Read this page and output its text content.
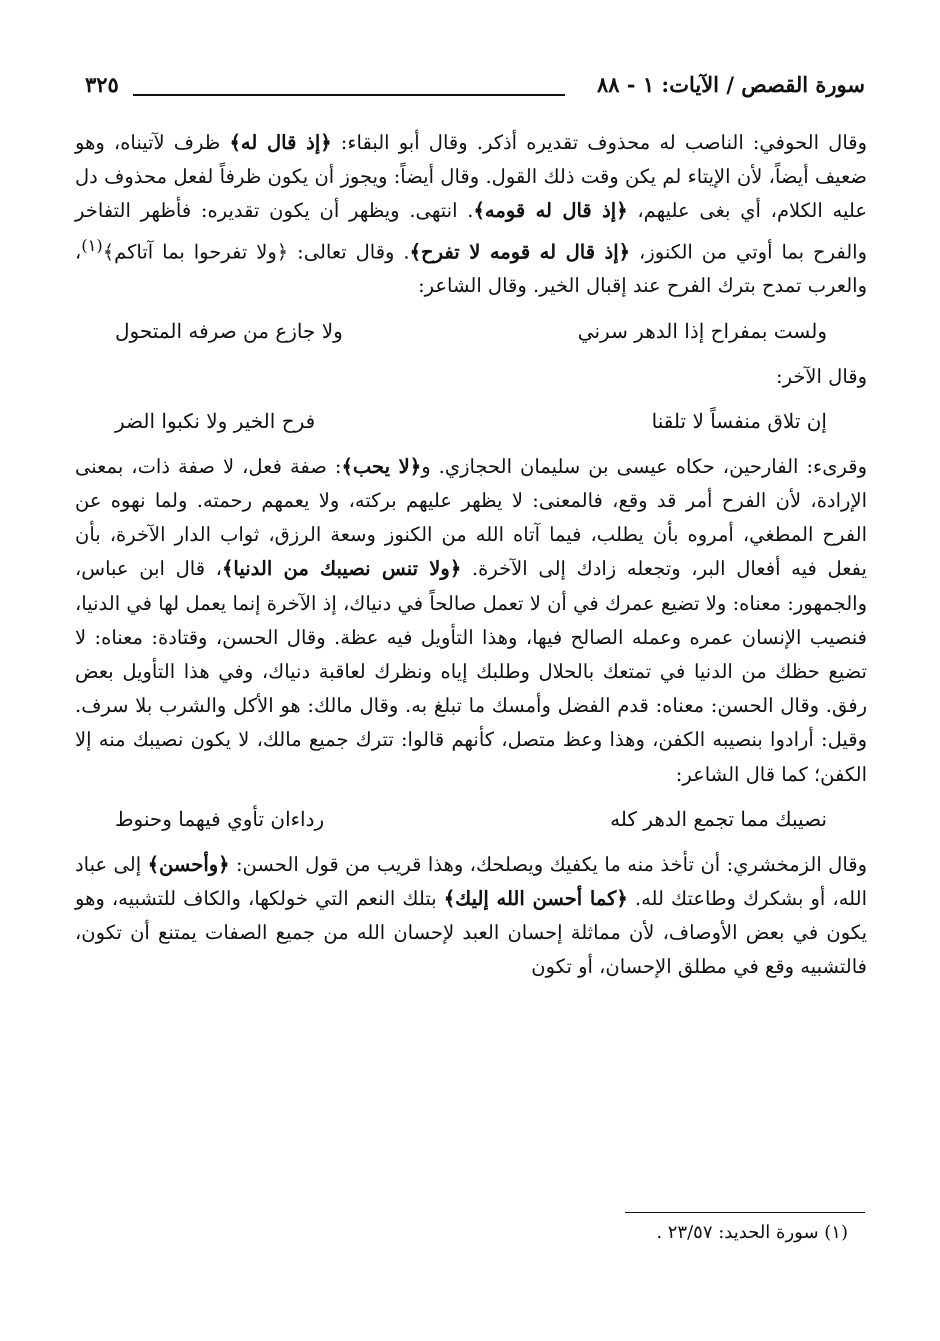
سورة القصص / الآيات: ١ - ٨٨
٣٢٥
وقال الحوفي: الناصب له محذوف تقديره أذكر. وقال أبو البقاء: ﴿إذ قال له﴾ ظرف لآتيناه، وهو ضعيف أيضاً، لأن الإيتاء لم يكن وقت ذلك القول. وقال أيضاً: ويجوز أن يكون ظرفاً لفعل محذوف دل عليه الكلام، أي بغى عليهم، ﴿إذ قال له قومه﴾. انتهى. ويظهر أن يكون تقديره: فأظهر التفاخر والفرح بما أوتي من الكنوز، ﴿إذ قال له قومه لا تفرح﴾. وقال تعالى: ﴿ولا تفرحوا بما آتاكم﴾$^{(١)}$، والعرب تمدح بترك الفرح عند إقبال الخير. وقال الشاعر:
ولست بمفراح إذا الدهر سرني
ولا جازع من صرفه المتحول
وقال الآخر:
إن تلاق منفساً لا تلقنا
فرح الخير ولا نكبوا الضر
وقرىء: الفارحين، حكاه عيسى بن سليمان الحجازي. و﴿لا يحب﴾: صفة فعل، لا صفة ذات، بمعنى الإرادة، لأن الفرح أمر قد وقع، فالمعنى: لا يظهر عليهم بركته، ولا يعمهم رحمته. ولما نهوه عن الفرح المطغي، أمروه بأن يطلب، فيما آتاه الله من الكنوز وسعة الرزق، ثواب الدار الآخرة، بأن يفعل فيه أفعال البر، وتجعله زادك إلى الآخرة. ﴿ولا تنس نصيبك من الدنيا﴾، قال ابن عباس، والجمهور: معناه: ولا تضيع عمرك في أن لا تعمل صالحاً في دنياك، إذ الآخرة إنما يعمل لها في الدنيا، فنصيب الإنسان عمره وعمله الصالح فيها، وهذا التأويل فيه عظة. وقال الحسن، وقتادة: معناه: لا تضيع حظك من الدنيا في تمتعك بالحلال وطلبك إياه ونظرك لعاقبة دنياك، وفي هذا التأويل بعض رفق. وقال الحسن: معناه: قدم الفضل وأمسك ما تبلغ به. وقال مالك: هو الأكل والشرب بلا سرف. وقيل: أرادوا بنصيبه الكفن، وهذا وعظ متصل، كأنهم قالوا: تترك جميع مالك، لا يكون نصيبك منه إلا الكفن؛ كما قال الشاعر:
نصيبك مما تجمع الدهر كله
رداءان تأوي فيهما وحنوط
وقال الزمخشري: أن تأخذ منه ما يكفيك ويصلحك، وهذا قريب من قول الحسن: ﴿وأحسن﴾ إلى عباد الله، أو بشكرك وطاعتك لله. ﴿كما أحسن الله إليك﴾ بتلك النعم التي خولكها، والكاف للتشبيه، وهو يكون في بعض الأوصاف، لأن مماثلة إحسان العبد لإحسان الله من جميع الصفات يمتنع أن تكون، فالتشبيه وقع في مطلق الإحسان، أو تكون
(١) سورة الحديد: ٢٣/٥٧ .
